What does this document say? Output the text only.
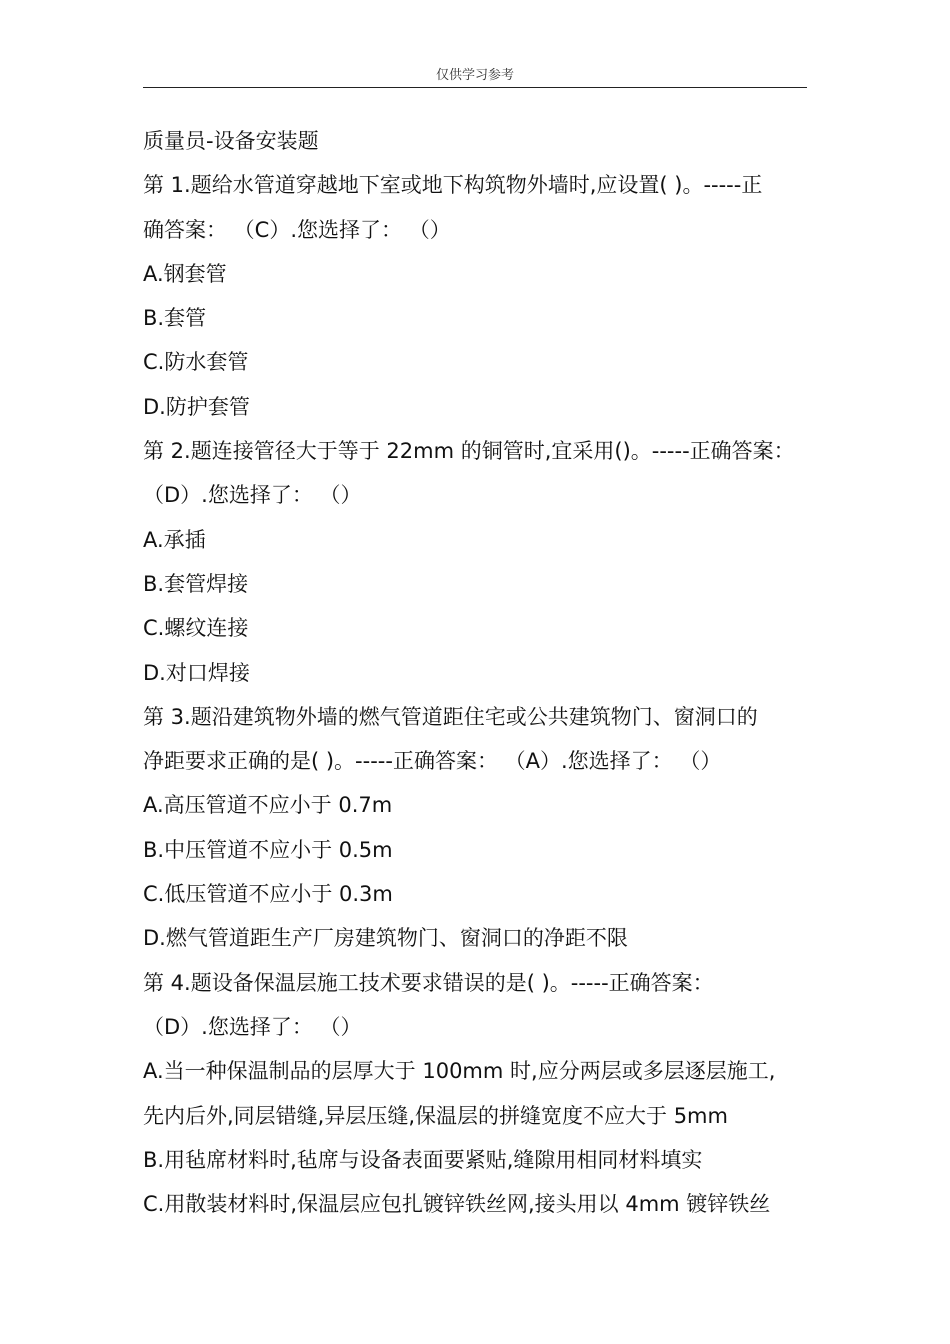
仅供学习参考
质量员-设备安装题
第 1.题给水管道穿越地下室或地下构筑物外墙时,应设置( )。-----正
确答案： （C）.您选择了： （）
A.钢套管
B.套管
C.防水套管
D.防护套管
第 2.题连接管径大于等于 22mm 的铜管时,宜采用()。-----正确答案：
（D）.您选择了： （）
A.承插
B.套管焊接
C.螺纹连接
D.对口焊接
第 3.题沿建筑物外墙的燃气管道距住宅或公共建筑物门、窗洞口的
净距要求正确的是( )。-----正确答案： （A）.您选择了： （）
A.高压管道不应小于 0.7m
B.中压管道不应小于 0.5m
C.低压管道不应小于 0.3m
D.燃气管道距生产厂房建筑物门、窗洞口的净距不限
第 4.题设备保温层施工技术要求错误的是( )。-----正确答案：
（D）.您选择了： （）
A.当一种保温制品的层厚大于 100mm 时,应分两层或多层逐层施工,
先内后外,同层错缝,异层压缝,保温层的拼缝宽度不应大于 5mm
B.用毡席材料时,毡席与设备表面要紧贴,缝隙用相同材料填实
C.用散装材料时,保温层应包扎镀锌铁丝网,接头用以 4mm 镀锌铁丝
